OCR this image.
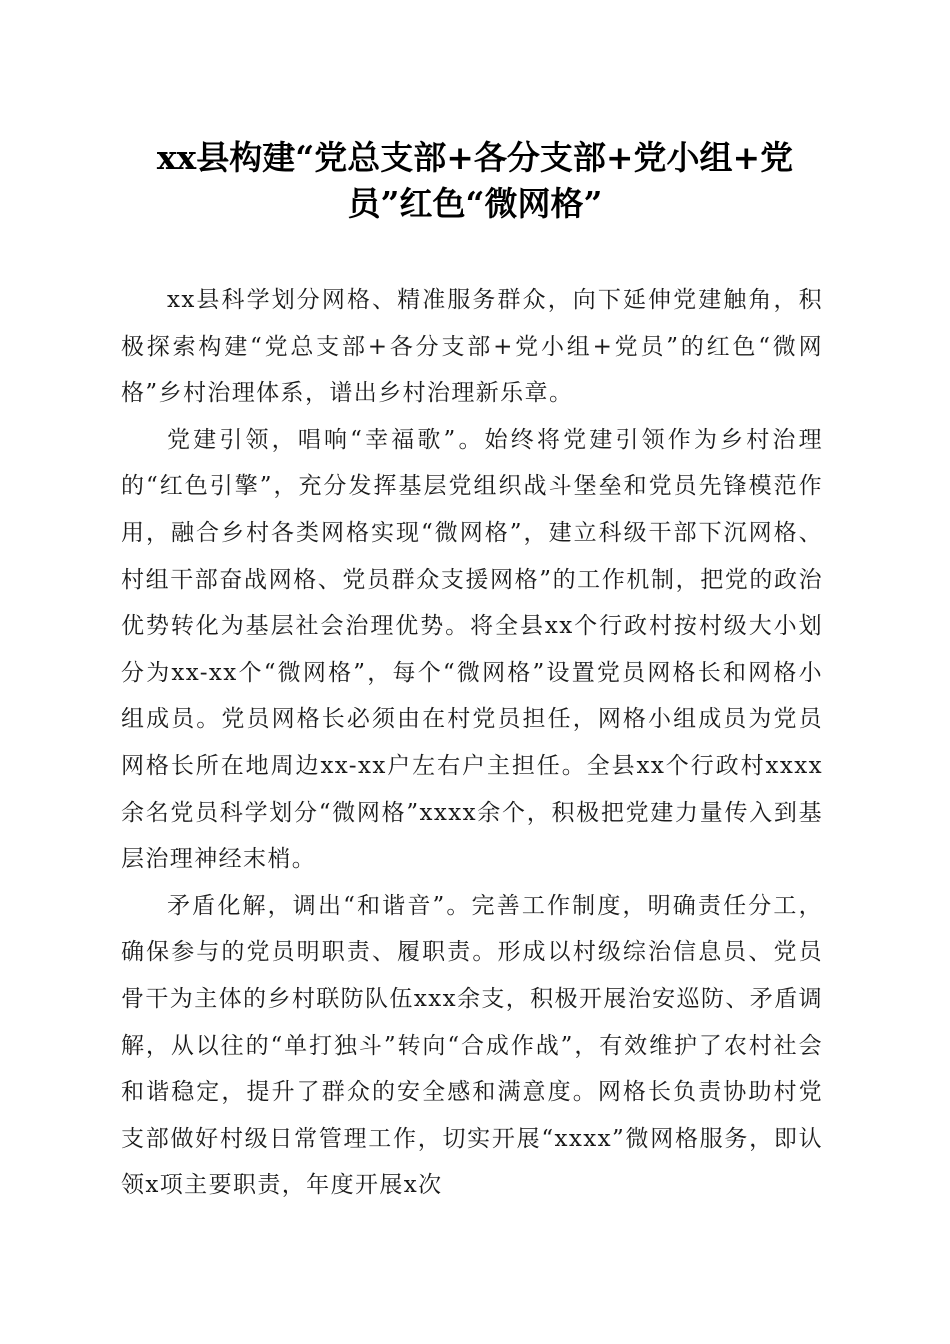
xx县构建“党总支部+各分支部+党小组+党
员”红色“微网格”

xx县科学划分网格、精准服务群众，向下延伸党建触角，积极探索构建“党总支部+各分支部+党小组+党员”的红色“微网格”乡村治理体系，谱出乡村治理新乐章。

党建引领，唱响“幸福歌”。始终将党建引领作为乡村治理的“红色引擎”，充分发挥基层党组织战斗堡垒和党员先锋模范作用，融合乡村各类网格实现“微网格”，建立科级干部下沉网格、村组干部奋战网格、党员群众支援网格”的工作机制，把党的政治优势转化为基层社会治理优势。将全县xx个行政村按村级大小划分为xx-xx个“微网格”，每个“微网格”设置党员网格长和网格小组成员。党员网格长必须由在村党员担任，网格小组成员为党员网格长所在地周边xx-xx户左右户主担任。全县xx个行政村xxxx余名党员科学划分“微网格”xxxx余个，积极把党建力量传入到基层治理神经末梢。

矛盾化解，调出“和谐音”。完善工作制度，明确责任分工，确保参与的党员明职责、履职责。形成以村级综治信息员、党员骨干为主体的乡村联防队伍xxx余支，积极开展治安巡防、矛盾调解，从以往的“单打独斗”转向“合成作战”，有效维护了农村社会和谐稳定，提升了群众的安全感和满意度。网格长负责协助村党支部做好村级日常管理工作，切实开展“xxxx”微网格服务，即认领x项主要职责，年度开展x次
